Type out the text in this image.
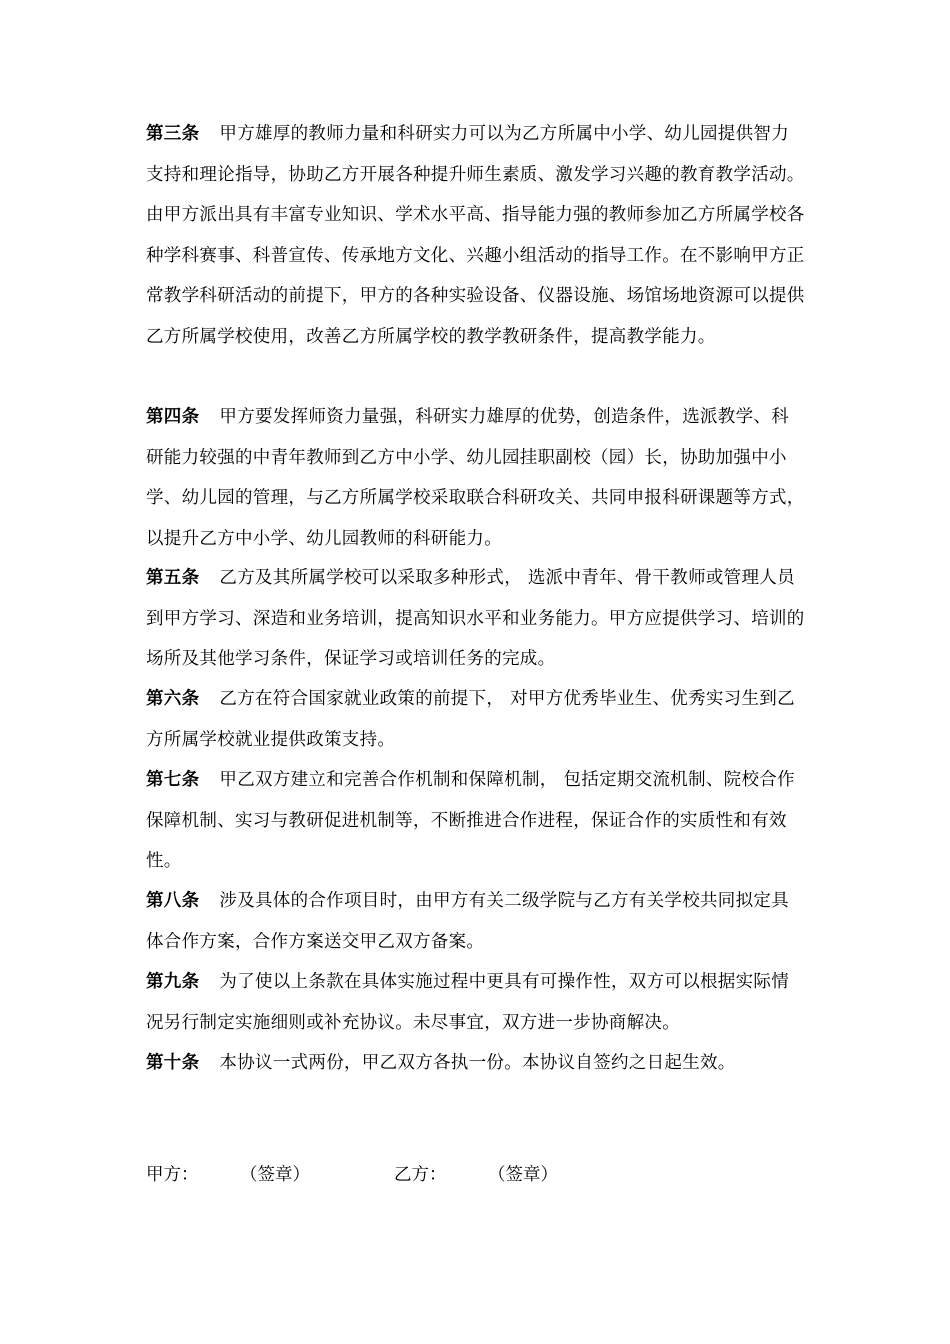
第三条 甲方雄厚的教师力量和科研实力可以为乙方所属中小学、幼儿园提供智力支持和理论指导，协助乙方开展各种提升师生素质、激发学习兴趣的教育教学活动。由甲方派出具有丰富专业知识、学术水平高、指导能力强的教师参加乙方所属学校各种学科赛事、科普宣传、传承地方文化、兴趣小组活动的指导工作。在不影响甲方正常教学科研活动的前提下，甲方的各种实验设备、仪器设施、场馆场地资源可以提供乙方所属学校使用，改善乙方所属学校的教学教研条件，提高教学能力。

第四条 甲方要发挥师资力量强，科研实力雄厚的优势，创造条件，选派教学、科研能力较强的中青年教师到乙方中小学、幼儿园挂职副校（园）长，协助加强中小学、幼儿园的管理，与乙方所属学校采取联合科研攻关、共同申报科研课题等方式，以提升乙方中小学、幼儿园教师的科研能力。

第五条 乙方及其所属学校可以采取多种形式， 选派中青年、骨干教师或管理人员到甲方学习、深造和业务培训，提高知识水平和业务能力。甲方应提供学习、培训的场所及其他学习条件，保证学习或培训任务的完成。

第六条 乙方在符合国家就业政策的前提下， 对甲方优秀毕业生、优秀实习生到乙方所属学校就业提供政策支持。

第七条 甲乙双方建立和完善合作机制和保障机制， 包括定期交流机制、院校合作保障机制、实习与教研促进机制等，不断推进合作进程，保证合作的实质性和有效性。

第八条 涉及具体的合作项目时，由甲方有关二级学院与乙方有关学校共同拟定具体合作方案，合作方案送交甲乙双方备案。

第九条 为了使以上条款在具体实施过程中更具有可操作性，双方可以根据实际情况另行制定实施细则或补充协议。未尽事宜，双方进一步协商解决。

第十条 本协议一式两份，甲乙双方各执一份。本协议自签约之日起生效。

甲方： （签章）	乙方： （签章）
